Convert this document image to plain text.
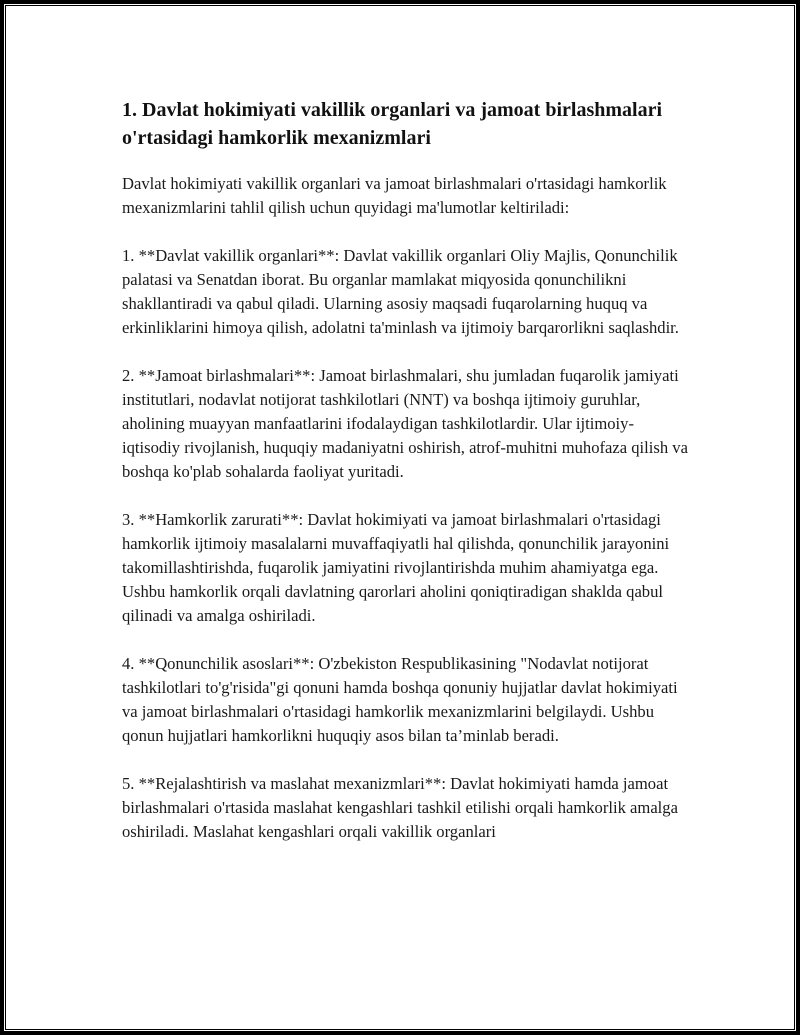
1. Davlat hokimiyati vakillik organlari va jamoat birlashmalari o'rtasidagi hamkorlik mexanizmlari

Davlat hokimiyati vakillik organlari va jamoat birlashmalari o'rtasidagi hamkorlik mexanizmlarini tahlil qilish uchun quyidagi ma'lumotlar keltiriladi:

1. **Davlat vakillik organlari**: Davlat vakillik organlari Oliy Majlis, Qonunchilik palatasi va Senatdan iborat. Bu organlar mamlakat miqyosida qonunchilikni shakllantiradi va qabul qiladi. Ularning asosiy maqsadi fuqarolarning huquq va erkinliklarini himoya qilish, adolatni ta'minlash va ijtimoiy barqarorlikni saqlashdir.

2. **Jamoat birlashmalari**: Jamoat birlashmalari, shu jumladan fuqarolik jamiyati institutlari, nodavlat notijorat tashkilotlari (NNT) va boshqa ijtimoiy guruhlar, aholining muayyan manfaatlarini ifodalaydigan tashkilotlardir. Ular ijtimoiy-iqtisodiy rivojlanish, huquqiy madaniyatni oshirish, atrof-muhitni muhofaza qilish va boshqa ko'plab sohalarda faoliyat yuritadi.

3. **Hamkorlik zarurati**: Davlat hokimiyati va jamoat birlashmalari o'rtasidagi hamkorlik ijtimoiy masalalarni muvaffaqiyatli hal qilishda, qonunchilik jarayonini takomillashtirishda, fuqarolik jamiyatini rivojlantirishda muhim ahamiyatga ega. Ushbu hamkorlik orqali davlatning qarorlari aholini qoniqtiradigan shaklda qabul qilinadi va amalga oshiriladi.

4. **Qonunchilik asoslari**: O'zbekiston Respublikasining "Nodavlat notijorat tashkilotlari to'g'risida"gi qonuni hamda boshqa qonuniy hujjatlar davlat hokimiyati va jamoat birlashmalari o'rtasidagi hamkorlik mexanizmlarini belgilaydi. Ushbu qonun hujjatlari hamkorlikni huquqiy asos bilan ta’minlab beradi.

5. **Rejalashtirish va maslahat mexanizmlari**: Davlat hokimiyati hamda jamoat birlashmalari o'rtasida maslahat kengashlari tashkil etilishi orqali hamkorlik amalga oshiriladi. Maslahat kengashlari orqali vakillik organlari
